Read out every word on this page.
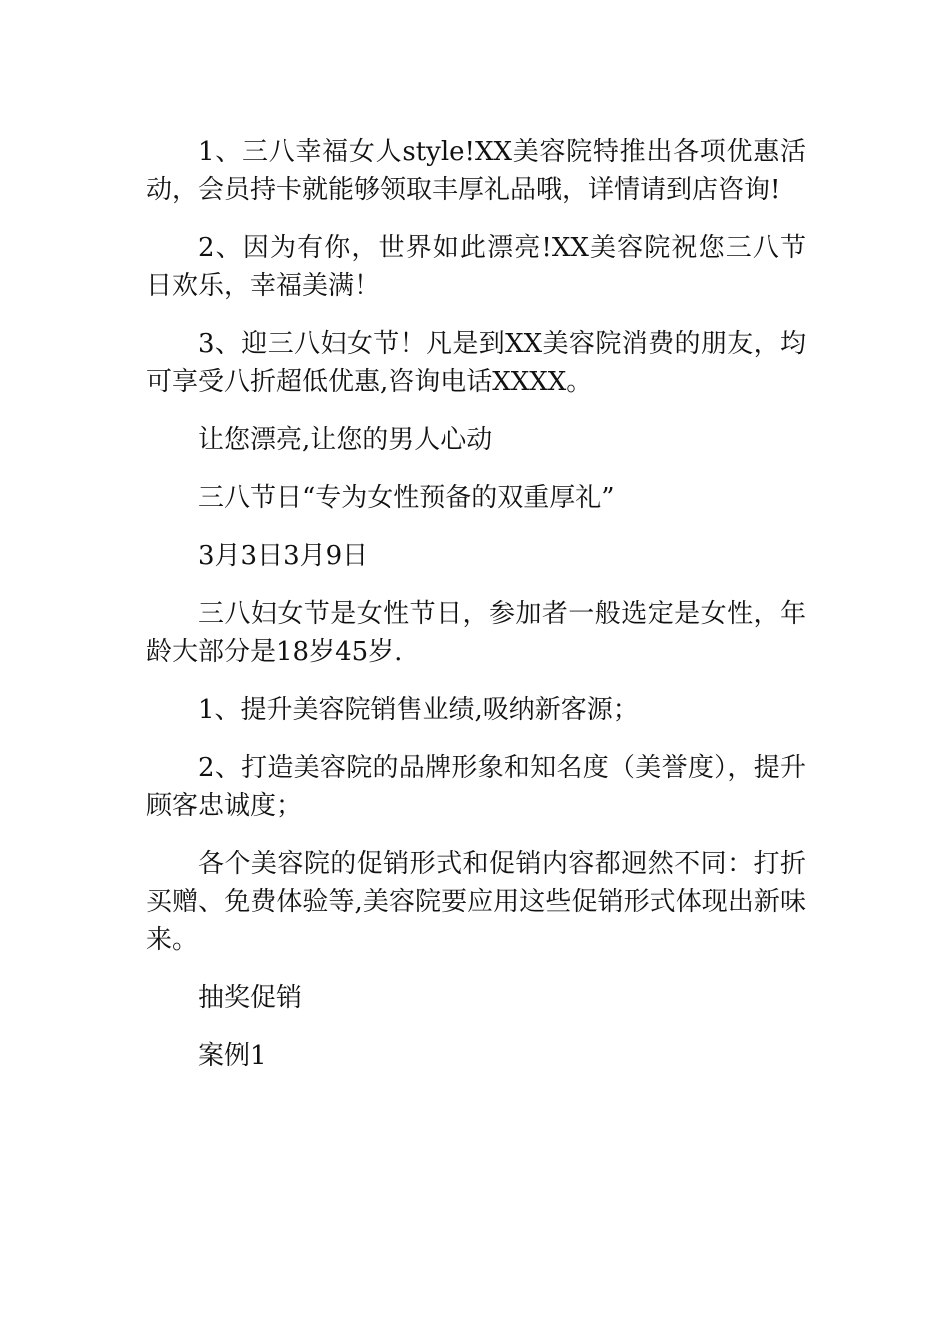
1、三八幸福女人style!XX美容院特推出各项优惠活动，会员持卡就能够领取丰厚礼品哦，详情请到店咨询!

2、因为有你，世界如此漂亮!XX美容院祝您三八节日欢乐，幸福美满！

3、迎三八妇女节！凡是到XX美容院消费的朋友，均可享受八折超低优惠,咨询电话XXXX。

让您漂亮,让您的男人心动

三八节日“专为女性预备的双重厚礼”

3月3日3月9日

三八妇女节是女性节日，参加者一般选定是女性，年龄大部分是18岁45岁.

1、提升美容院销售业绩,吸纳新客源；

2、打造美容院的品牌形象和知名度（美誉度），提升顾客忠诚度；

各个美容院的促销形式和促销内容都迥然不同：打折买赠、免费体验等,美容院要应用这些促销形式体现出新味来。

抽奖促销

案例1
